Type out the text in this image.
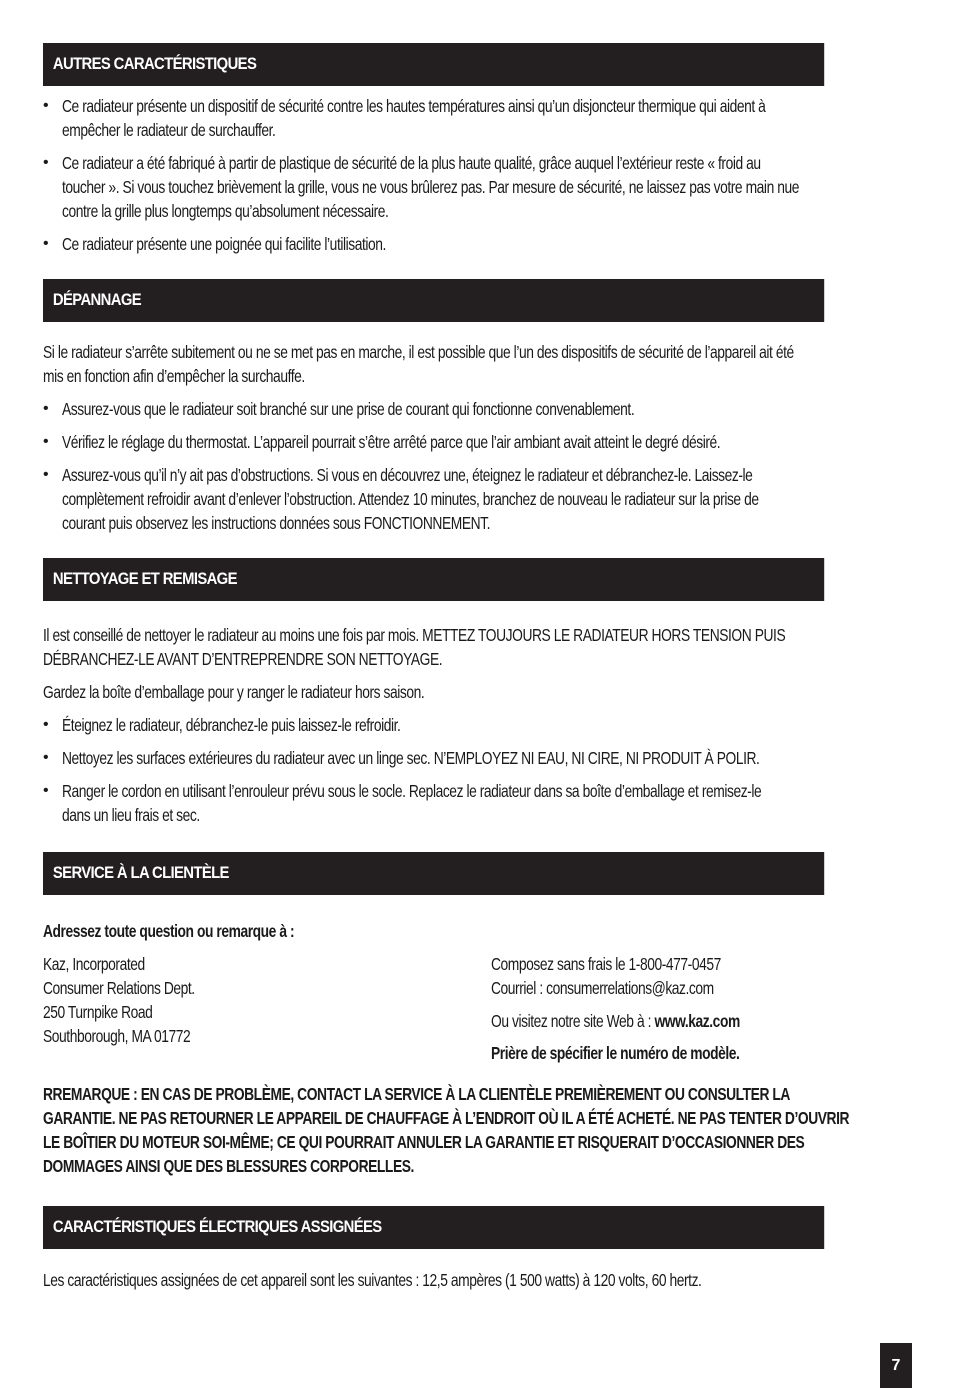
AUTRES CARACTÉRISTIQUES
• Ce radiateur présente un dispositif de sécurité contre les hautes températures ainsi qu’un disjoncteur thermique qui aident à
empêcher le radiateur de surchauffer.
• Ce radiateur a été fabriqué à partir de plastique de sécurité de la plus haute qualité, grâce auquel l’extérieur reste « froid au
toucher ». Si vous touchez brièvement la grille, vous ne vous brûlerez pas. Par mesure de sécurité, ne laissez pas votre main nue
contre la grille plus longtemps qu’absolument nécessaire.
• Ce radiateur présente une poignée qui facilite l’utilisation.
DÉPANNAGE
Si le radiateur s’arrête subitement ou ne se met pas en marche, il est possible que l’un des dispositifs de sécurité de l’appareil ait été
mis en fonction afin d’empêcher la surchauffe.
• Assurez-vous que le radiateur soit branché sur une prise de courant qui fonctionne convenablement.
• Vérifiez le réglage du thermostat. L’appareil pourrait s’être arrêté parce que l’air ambiant avait atteint le degré désiré.
• Assurez-vous qu’il n’y ait pas d’obstructions. Si vous en découvrez une, éteignez le radiateur et débranchez-le. Laissez-le
complètement refroidir avant d’enlever l’obstruction. Attendez 10 minutes, branchez de nouveau le radiateur sur la prise de
courant puis observez les instructions données sous FONCTIONNEMENT.
NETTOYAGE ET REMISAGE
Il est conseillé de nettoyer le radiateur au moins une fois par mois. METTEZ TOUJOURS LE RADIATEUR HORS TENSION PUIS
DÉBRANCHEZ-LE AVANT D’ENTREPRENDRE SON NETTOYAGE.
Gardez la boîte d’emballage pour y ranger le radiateur hors saison.
• Éteignez le radiateur, débranchez-le puis laissez-le refroidir.
• Nettoyez les surfaces extérieures du radiateur avec un linge sec. N’EMPLOYEZ NI EAU, NI CIRE, NI PRODUIT À POLIR.
• Ranger le cordon en utilisant l’enrouleur prévu sous le socle. Replacez le radiateur dans sa boîte d’emballage et remisez-le
dans un lieu frais et sec.
SERVICE À LA CLIENTÈLE
Adressez toute question ou remarque à :
Kaz, Incorporated
Consumer Relations Dept.
250 Turnpike Road
Southborough, MA 01772
Composez sans frais le 1-800-477-0457
Courriel : consumerrelations@kaz.com
Ou visitez notre site Web à : www.kaz.com
Prière de spécifier le numéro de modèle.
RREMARQUE : EN CAS DE PROBLÈME, CONTACT LA SERVICE À LA CLIENTÈLE PREMIÈREMENT OU CONSULTER LA
GARANTIE. NE PAS RETOURNER LE APPAREIL DE CHAUFFAGE À L’ENDROIT OÙ IL A ÉTÉ ACHETÉ. NE PAS TENTER D’OUVRIR
LE BOÎTIER DU MOTEUR SOI-MÊME; CE QUI POURRAIT ANNULER LA GARANTIE ET RISQUERAIT D’OCCASIONNER DES
DOMMAGES AINSI QUE DES BLESSURES CORPORELLES.
CARACTÉRISTIQUES ÉLECTRIQUES ASSIGNÉES
Les caractéristiques assignées de cet appareil sont les suivantes : 12,5 ampères (1 500 watts) à 120 volts, 60 hertz.
7
